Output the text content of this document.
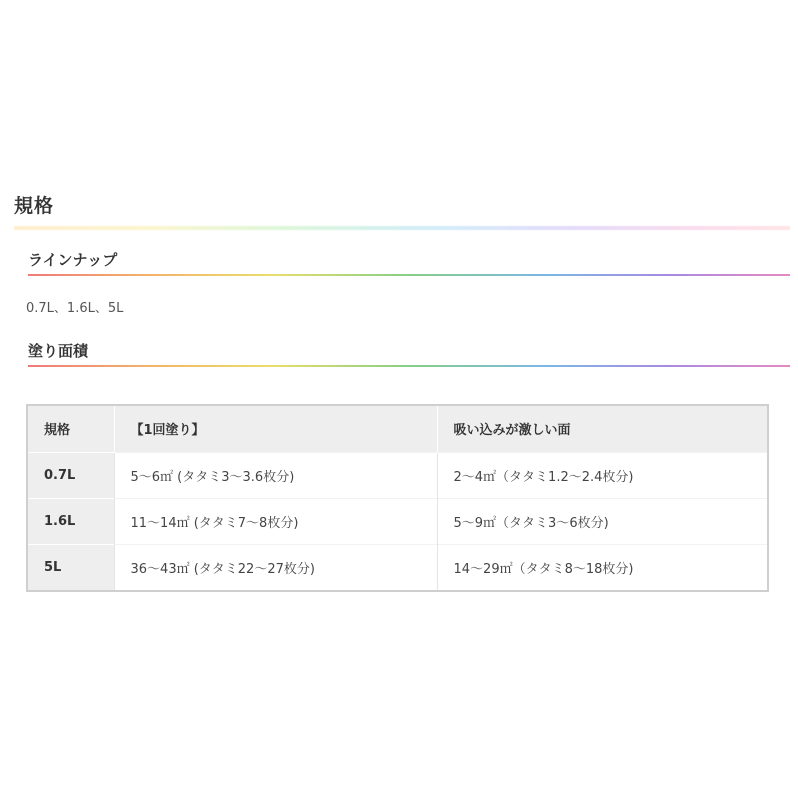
規格
ラインナップ
0.7L、1.6L、5L
塗り面積
規格	【1回塗り】	吸い込みが激しい面
0.7L	5〜6㎡ (タタミ3〜3.6枚分)	2〜4㎡（タタミ1.2〜2.4枚分)
1.6L	11〜14㎡ (タタミ7〜8枚分)	5〜9㎡（タタミ3〜6枚分)
5L	36〜43㎡ (タタミ22〜27枚分)	14〜29㎡（タタミ8〜18枚分)
